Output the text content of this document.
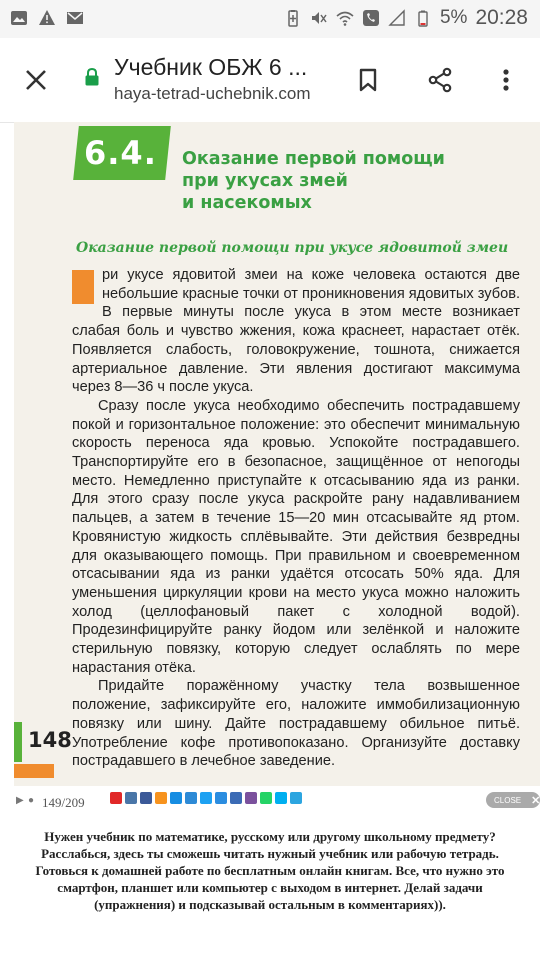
5% 20:28
Учебник ОБЖ 6 ...
haya-tetrad-uchebnik.com
6.4. Оказание первой помощи
при укусах змей
и насекомых
Оказание первой помощи при укусе ядовитой змеи

ри укусе ядовитой змеи на коже человека остаются две небольшие красные точки от проникновения ядовитых зубов. В первые минуты после укуса в этом месте возникает слабая боль и чувство жжения, кожа краснеет, нарастает отёк. Появляется слабость, головокружение, тошнота, снижается артериальное давление. Эти явления достигают максимума через 8—36 ч после укуса.

Сразу после укуса необходимо обеспечить пострадавшему покой и горизонтальное положение: это обеспечит минимальную скорость переноса яда кровью. Успокойте пострадавшего. Транспортируйте его в безопасное, защищённое от непогоды место. Немедленно приступайте к отсасыванию яда из ранки. Для этого сразу после укуса раскройте рану надавливанием пальцев, а затем в течение 15—20 мин отсасывайте яд ртом. Кровянистую жидкость сплёвывайте. Эти действия безвредны для оказывающего помощь. При правильном и своевременном отсасывании яда из ранки удаётся отсосать 50% яда. Для уменьшения циркуляции крови на место укуса можно наложить холод (целлофановый пакет с холодной водой). Продезинфицируйте ранку йодом или зелёнкой и наложите стерильную повязку, которую следует ослаблять по мере нарастания отёка.

Придайте поражённому участку тела возвышенное положение, зафиксируйте его, наложите иммобилизационную повязку или шину. Дайте пострадавшему обильное питьё. Употребление кофе противопоказано. Организуйте доставку пострадавшего в лечебное заведение.

148
▶ ● 149/209	CLOSE ✕
Нужен учебник по математике, русскому или другому школьному предмету? Расслабься, здесь ты сможешь читать нужный учебник или рабочую тетрадь. Готовься к домашней работе по бесплатным онлайн книгам. Все, что нужно это смартфон, планшет или компьютер с выходом в интернет. Делай задачи (упражнения) и подсказывай остальным в комментариях)).
